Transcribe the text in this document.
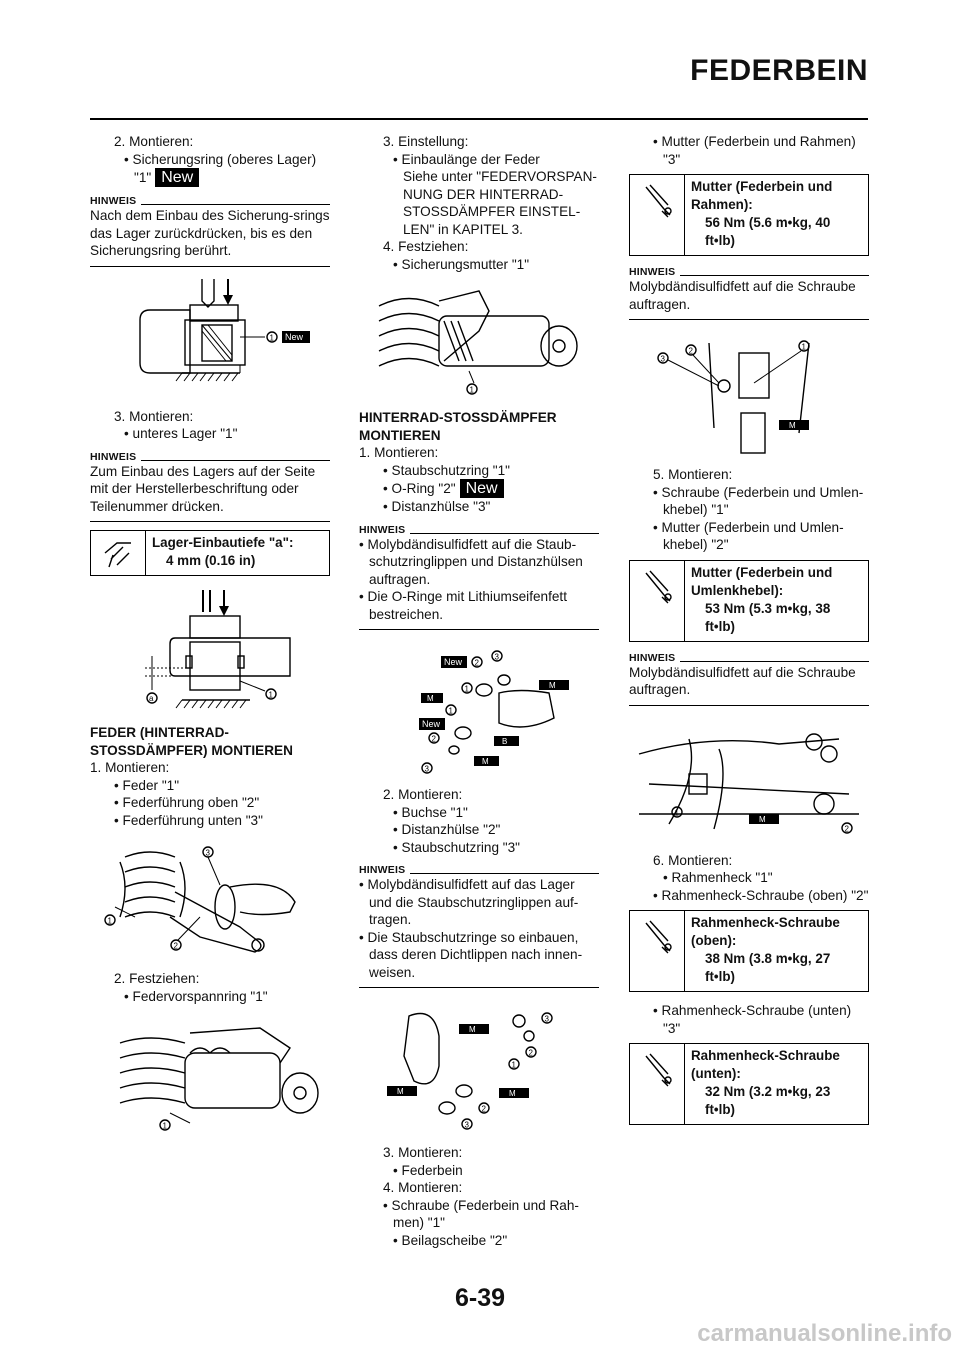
FEDERBEIN

2. Montieren:

• Sicherungsring (oberes Lager)

"1" New

HINWEIS
Nach dem Einbau des Sicherung-srings das Lager zurückdrücken, bis es den Sicherungsring berührt.
1 New

3. Montieren:

• unteres Lager "1"

HINWEIS
Zum Einbau des Lagers auf der Seite mit der Herstellerbeschriftung oder Teilenummer drücken.
Lager-Einbautiefe "a":
4 mm (0.16 in)
a	1
FEDER (HINTERRAD-STOSSDÄMPFER) MONTIEREN

1. Montieren:

• Feder "1"

• Federführung oben "2"

• Federführung unten "3"

1
2
3

2. Festziehen:

• Federvorspannring "1"

1

3. Einstellung:

• Einbaulänge der Feder

Siehe unter "FEDERVORSPAN-NUNG DER HINTERRAD-STOSSDÄMPFER EINSTEL-LEN" in KAPITEL 3.

4. Festziehen:

• Sicherungsmutter "1"

1
HINTERRAD-STOSSDÄMPFER MONTIEREN

1. Montieren:

• Staubschutzring "1"

• O-Ring "2" New

• Distanzhülse "3"

HINWEIS
• Molybdändisulfidfett auf die Staub-schutzringlippen und Distanzhülsen auftragen.
• Die O-Ringe mit Lithiumseifenfett bestreichen.
New 2
3
1
M
M
New
1
2	B
M
3

2. Montieren:

• Buchse "1"

• Distanzhülse "2"

• Staubschutzring "3"

HINWEIS
• Molybdändisulfidfett auf das Lager und die Staubschutzringlippen auf-tragen.
• Die Staubschutzringe so einbauen, dass deren Dichtlippen nach innen-weisen.
M
3
2
1
M	M
2
3

3. Montieren:

• Federbein

4. Montieren:

• Schraube (Federbein und Rah-men) "1"

• Beilagscheibe "2"

• Mutter (Federbein und Rahmen) "3"

Mutter (Federbein und Rahmen):
56 Nm (5.6 m•kg, 40 ft•lb)
HINWEIS
Molybdändisulfidfett auf die Schraube auftragen.
M
2
3
1

5. Montieren:

• Schraube (Federbein und Umlen-khebel) "1"

• Mutter (Federbein und Umlen-khebel) "2"

Mutter (Federbein und Umlenkhebel):
53 Nm (5.3 m•kg, 38 ft•lb)
HINWEIS
Molybdändisulfidfett auf die Schraube auftragen.
M
1
2

6. Montieren:

• Rahmenheck "1"

• Rahmenheck-Schraube (oben) "2"

Rahmenheck-Schraube (oben):
38 Nm (3.8 m•kg, 27 ft•lb)

• Rahmenheck-Schraube (unten) "3"

Rahmenheck-Schraube (unten):
32 Nm (3.2 m•kg, 23 ft•lb)
6-39
carmanualsonline.info
